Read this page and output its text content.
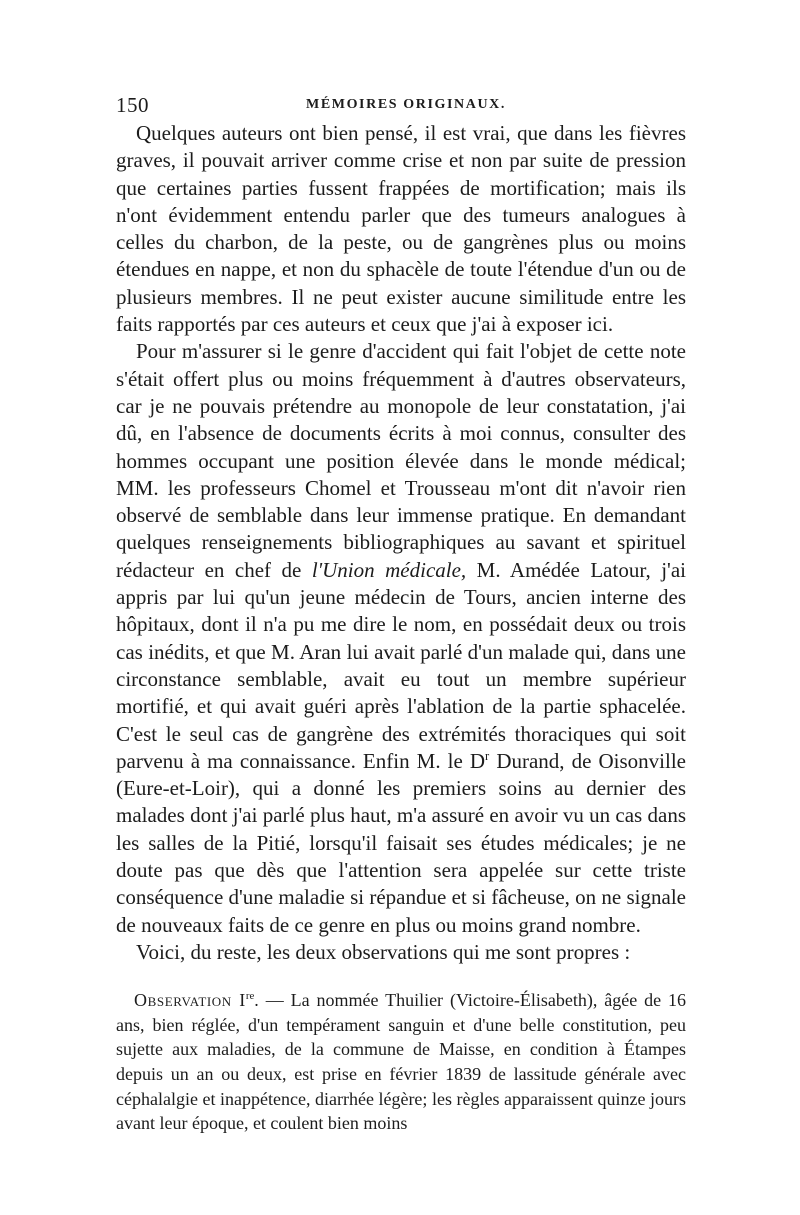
150	MÉMOIRES ORIGINAUX.

Quelques auteurs ont bien pensé, il est vrai, que dans les fièvres graves, il pouvait arriver comme crise et non par suite de pression que certaines parties fussent frappées de mortification; mais ils n'ont évidemment entendu parler que des tumeurs analogues à celles du charbon, de la peste, ou de gangrènes plus ou moins étendues en nappe, et non du sphacèle de toute l'étendue d'un ou de plusieurs membres. Il ne peut exister aucune similitude entre les faits rapportés par ces auteurs et ceux que j'ai à exposer ici.

Pour m'assurer si le genre d'accident qui fait l'objet de cette note s'était offert plus ou moins fréquemment à d'autres observateurs, car je ne pouvais prétendre au monopole de leur constatation, j'ai dû, en l'absence de documents écrits à moi connus, consulter des hommes occupant une position élevée dans le monde médical; MM. les professeurs Chomel et Trousseau m'ont dit n'avoir rien observé de semblable dans leur immense pratique. En demandant quelques renseignements bibliographiques au savant et spirituel rédacteur en chef de l'Union médicale, M. Amédée Latour, j'ai appris par lui qu'un jeune médecin de Tours, ancien interne des hôpitaux, dont il n'a pu me dire le nom, en possédait deux ou trois cas inédits, et que M. Aran lui avait parlé d'un malade qui, dans une circonstance semblable, avait eu tout un membre supérieur mortifié, et qui avait guéri après l'ablation de la partie sphacelée. C'est le seul cas de gangrène des extrémités thoraciques qui soit parvenu à ma connaissance. Enfin M. le $D^r$ Durand, de Oisonville (Eure-et-Loir), qui a donné les premiers soins au dernier des malades dont j'ai parlé plus haut, m'a assuré en avoir vu un cas dans les salles de la Pitié, lorsqu'il faisait ses études médicales; je ne doute pas que dès que l'attention sera appelée sur cette triste conséquence d'une maladie si répandue et si fâcheuse, on ne signale de nouveaux faits de ce genre en plus ou moins grand nombre.

Voici, du reste, les deux observations qui me sont propres :

Observation Ire. — La nommée Thuilier (Victoire-Élisabeth), âgée de 16 ans, bien réglée, d'un tempérament sanguin et d'une belle constitution, peu sujette aux maladies, de la commune de Maisse, en condition à Étampes depuis un an ou deux, est prise en février 1839 de lassitude générale avec céphalalgie et inappétence, diarrhée légère; les règles apparaissent quinze jours avant leur époque, et coulent bien moins
